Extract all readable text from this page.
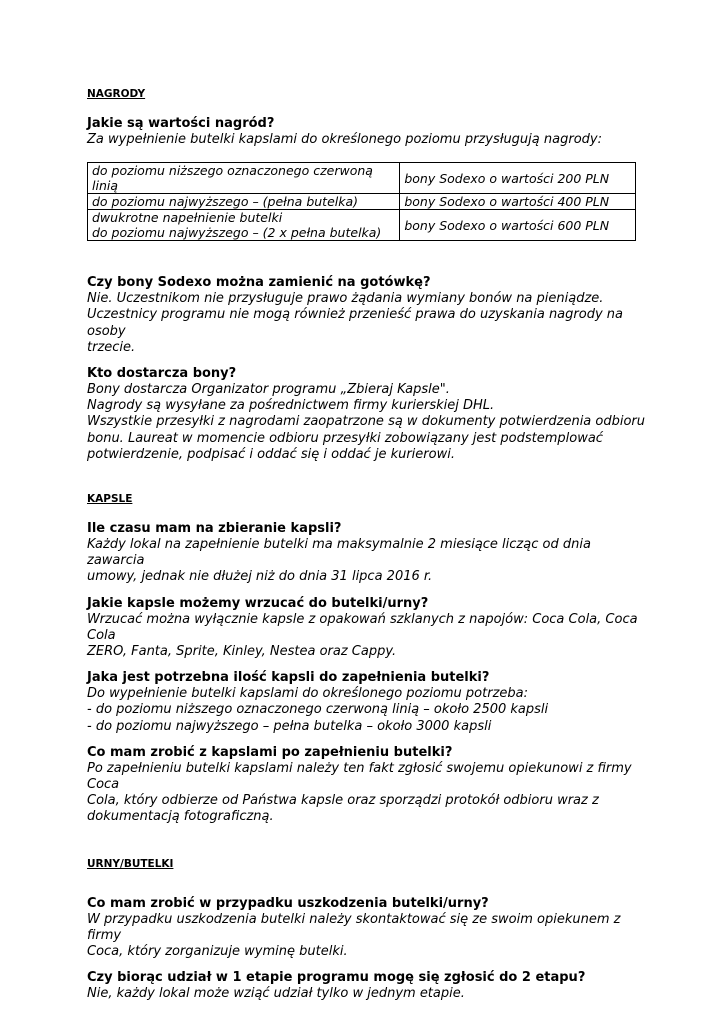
NAGRODY

Jakie są wartości nagród?

Za wypełnienie butelki kapslami do określonego poziomu przysługują nagrody:

do poziomu niższego oznaczonego czerwoną linią	bony Sodexo o wartości 200 PLN
do poziomu najwyższego – (pełna butelka)	bony Sodexo o wartości 400 PLN

dwukrotne napełnienie butelki
do poziomu najwyższego – (2 x pełna butelka)	bony Sodexo o wartości 600 PLN

Czy bony Sodexo można zamienić na gotówkę?

Nie. Uczestnikom nie przysługuje prawo żądania wymiany bonów na pieniądze.
Uczestnicy programu nie mogą również przenieść prawa do uzyskania nagrody na osoby
trzecie.

Kto dostarcza bony?

Bony dostarcza Organizator programu „Zbieraj Kapsle".
Nagrody są wysyłane za pośrednictwem firmy kurierskiej DHL.
Wszystkie przesyłki z nagrodami zaopatrzone są w dokumenty potwierdzenia odbioru
bonu. Laureat w momencie odbioru przesyłki zobowiązany jest podstemplować
potwierdzenie, podpisać i oddać się i oddać je kurierowi.

KAPSLE

Ile czasu mam na zbieranie kapsli?

Każdy lokal na zapełnienie butelki ma maksymalnie 2 miesiące licząc od dnia zawarcia
umowy, jednak nie dłużej niż do dnia 31 lipca 2016 r.

Jakie kapsle możemy wrzucać do butelki/urny?

Wrzucać można wyłącznie kapsle z opakowań szklanych z napojów: Coca Cola, Coca Cola
ZERO, Fanta, Sprite, Kinley, Nestea oraz Cappy.

Jaka jest potrzebna ilość kapsli do zapełnienia butelki?

Do wypełnienie butelki kapslami do określonego poziomu potrzeba:
- do poziomu niższego oznaczonego czerwoną linią – około 2500 kapsli
- do poziomu najwyższego – pełna butelka – około 3000 kapsli

Co mam zrobić z kapslami po zapełnieniu butelki?

Po zapełnieniu butelki kapslami należy ten fakt zgłosić swojemu opiekunowi z firmy Coca
Cola, który odbierze od Państwa kapsle oraz sporządzi protokół odbioru wraz z
dokumentacją fotograficzną.

URNY/BUTELKI

Co mam zrobić w przypadku uszkodzenia butelki/urny?

W przypadku uszkodzenia butelki należy skontaktować się ze swoim opiekunem z firmy
Coca, który zorganizuje wyminę butelki.

Czy biorąc udział w 1 etapie programu mogę się zgłosić do 2 etapu?

Nie, każdy lokal może wziąć udział tylko w jednym etapie.
